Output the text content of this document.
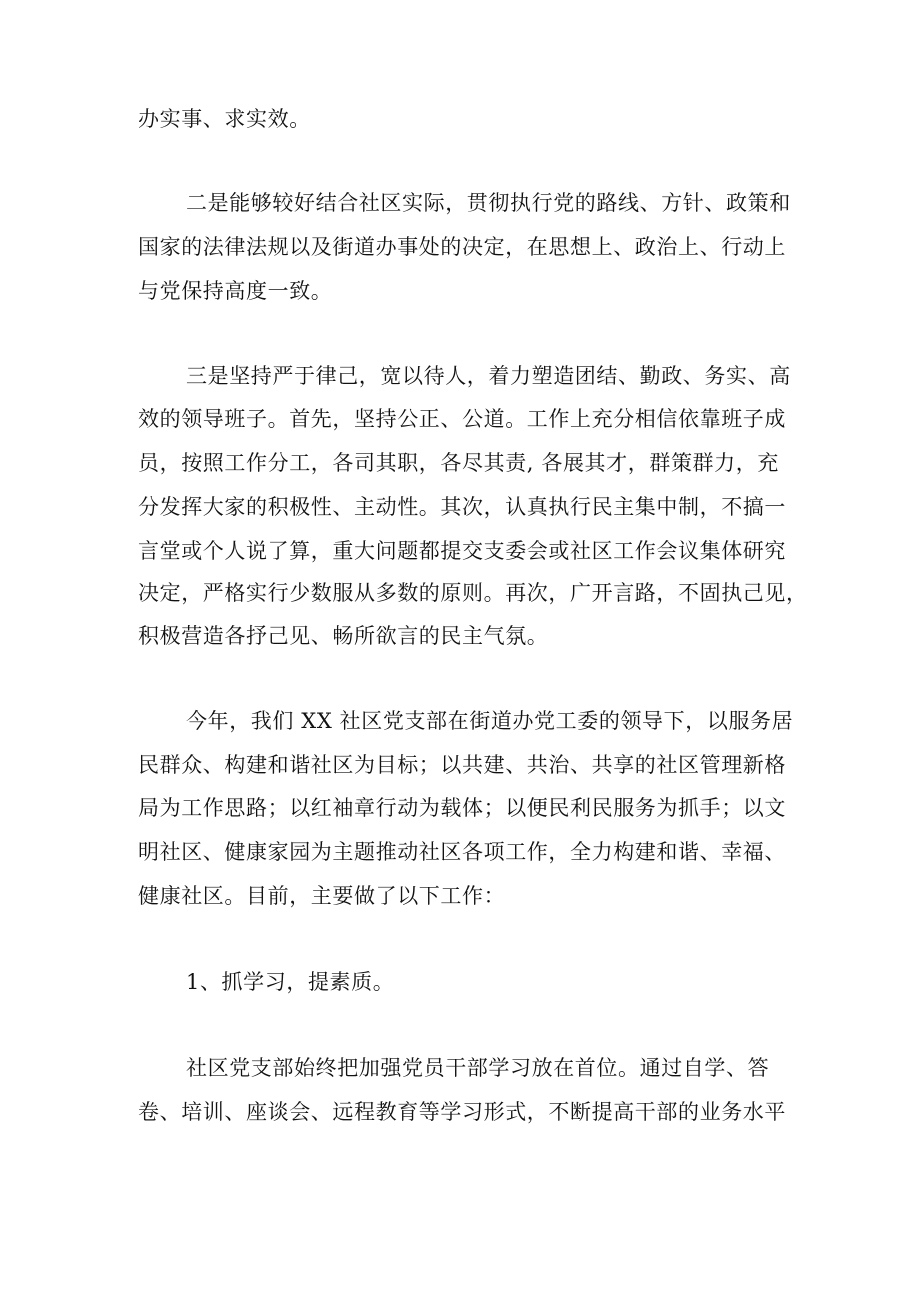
办实事、求实效。
二是能够较好结合社区实际，贯彻执行党的路线、方针、政策和
国家的法律法规以及街道办事处的决定，在思想上、政治上、行动上
与党保持高度一致。
三是坚持严于律己，宽以待人，着力塑造团结、勤政、务实、高
效的领导班子。首先，坚持公正、公道。工作上充分相信依靠班子成
员，按照工作分工，各司其职，各尽其责, 各展其才，群策群力，充
分发挥大家的积极性、主动性。其次，认真执行民主集中制，不搞一
言堂或个人说了算，重大问题都提交支委会或社区工作会议集体研究
决定，严格实行少数服从多数的原则。再次，广开言路，不固执己见，
积极营造各抒己见、畅所欲言的民主气氛。
今年，我们 XX 社区党支部在街道办党工委的领导下，以服务居
民群众、构建和谐社区为目标；以共建、共治、共享的社区管理新格
局为工作思路；以红袖章行动为载体；以便民利民服务为抓手；以文
明社区、健康家园为主题推动社区各项工作，全力构建和谐、幸福、
健康社区。目前，主要做了以下工作：
1、抓学习，提素质。
社区党支部始终把加强党员干部学习放在首位。通过自学、答
卷、培训、座谈会、远程教育等学习形式，不断提高干部的业务水平
